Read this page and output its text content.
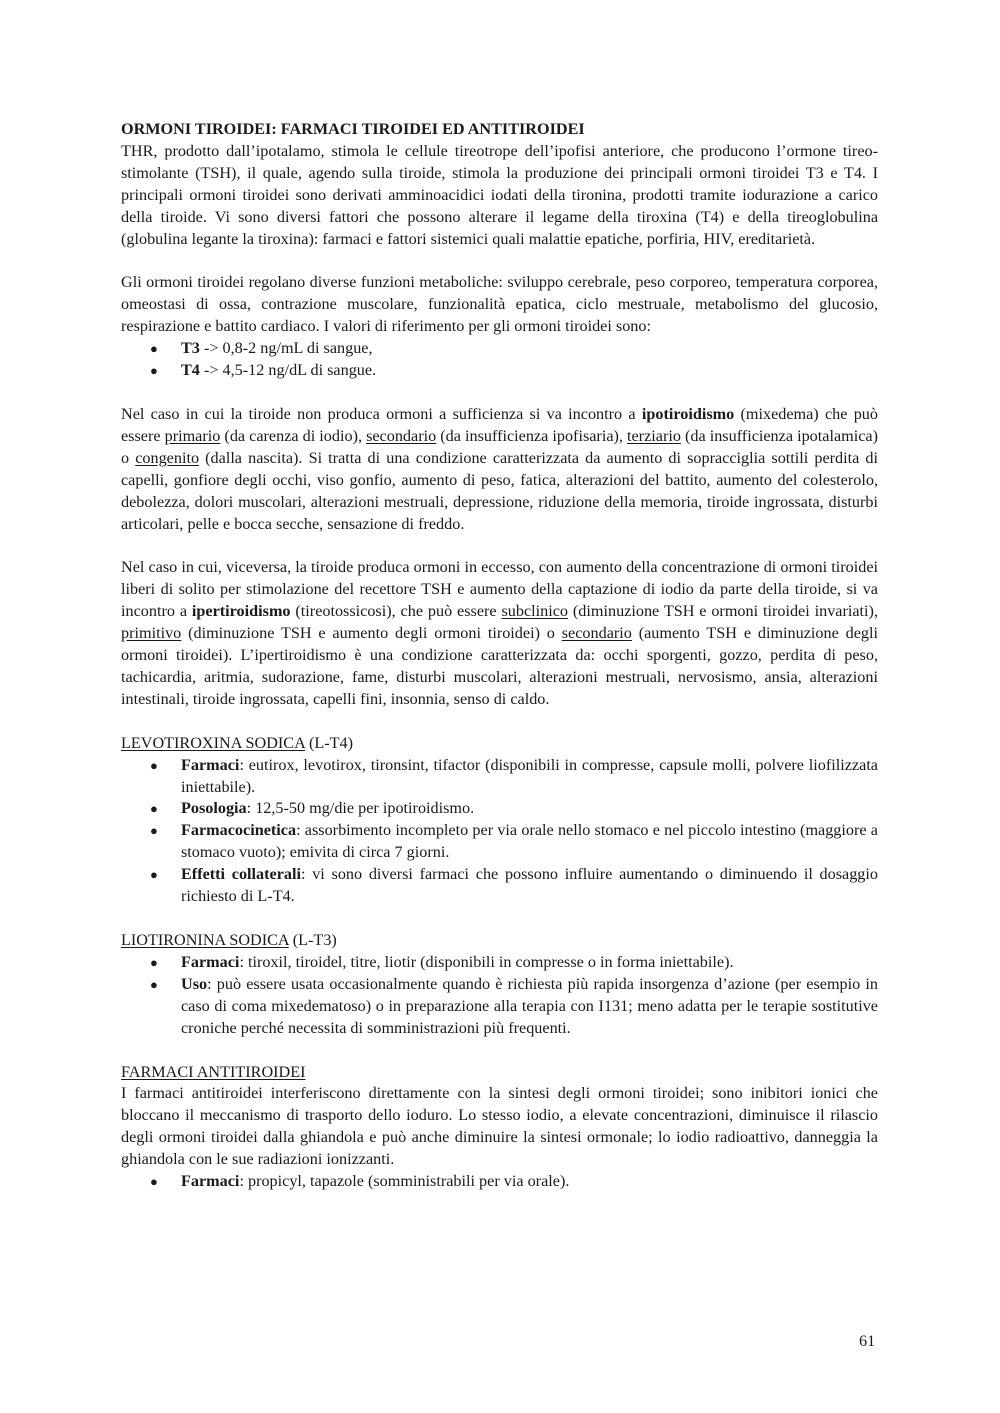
ORMONI TIROIDEI: FARMACI TIROIDEI ED ANTITIROIDEI

THR, prodotto dall’ipotalamo, stimola le cellule tireotrope dell’ipofisi anteriore, che producono l’ormone tireo-stimolante (TSH), il quale, agendo sulla tiroide, stimola la produzione dei principali ormoni tiroidei T3 e T4. I principali ormoni tiroidei sono derivati amminoacidici iodati della tironina, prodotti tramite iodurazione a carico della tiroide. Vi sono diversi fattori che possono alterare il legame della tiroxina (T4) e della tireoglobulina (globulina legante la tiroxina): farmaci e fattori sistemici quali malattie epatiche, porfiria, HIV, ereditarietà.

Gli ormoni tiroidei regolano diverse funzioni metaboliche: sviluppo cerebrale, peso corporeo, temperatura corporea, omeostasi di ossa, contrazione muscolare, funzionalità epatica, ciclo mestruale, metabolismo del glucosio, respirazione e battito cardiaco. I valori di riferimento per gli ormoni tiroidei sono:

● T3 -> 0,8-2 ng/mL di sangue,
● T4 -> 4,5-12 ng/dL di sangue.

Nel caso in cui la tiroide non produca ormoni a sufficienza si va incontro a ipotiroidismo (mixedema) che può essere primario (da carenza di iodio), secondario (da insufficienza ipofisaria), terziario (da insufficienza ipotalamica) o congenito (dalla nascita). Si tratta di una condizione caratterizzata da aumento di sopracciglia sottili perdita di capelli, gonfiore degli occhi, viso gonfio, aumento di peso, fatica, alterazioni del battito, aumento del colesterolo, debolezza, dolori muscolari, alterazioni mestruali, depressione, riduzione della memoria, tiroide ingrossata, disturbi articolari, pelle e bocca secche, sensazione di freddo.

Nel caso in cui, viceversa, la tiroide produca ormoni in eccesso, con aumento della concentrazione di ormoni tiroidei liberi di solito per stimolazione del recettore TSH e aumento della captazione di iodio da parte della tiroide, si va incontro a ipertiroidismo (tireotossicosi), che può essere subclinico (diminuzione TSH e ormoni tiroidei invariati), primitivo (diminuzione TSH e aumento degli ormoni tiroidei) o secondario (aumento TSH e diminuzione degli ormoni tiroidei). L’ipertiroidismo è una condizione caratterizzata da: occhi sporgenti, gozzo, perdita di peso, tachicardia, aritmia, sudorazione, fame, disturbi muscolari, alterazioni mestruali, nervosismo, ansia, alterazioni intestinali, tiroide ingrossata, capelli fini, insonnia, senso di caldo.

LEVOTIROXINA SODICA (L-T4)

● Farmaci: eutirox, levotirox, tironsint, tifactor (disponibili in compresse, capsule molli, polvere liofilizzata iniettabile).
● Posologia: 12,5-50 mg/die per ipotiroidismo.
● Farmacocinetica: assorbimento incompleto per via orale nello stomaco e nel piccolo intestino (maggiore a stomaco vuoto); emivita di circa 7 giorni.
● Effetti collaterali: vi sono diversi farmaci che possono influire aumentando o diminuendo il dosaggio richiesto di L-T4.

LIOTIRONINA SODICA (L-T3)

● Farmaci: tiroxil, tiroidel, titre, liotir (disponibili in compresse o in forma iniettabile).
● Uso: può essere usata occasionalmente quando è richiesta più rapida insorgenza d’azione (per esempio in caso di coma mixedematoso) o in preparazione alla terapia con I131; meno adatta per le terapie sostitutive croniche perché necessita di somministrazioni più frequenti.

FARMACI ANTITIROIDEI

I farmaci antitiroidei interferiscono direttamente con la sintesi degli ormoni tiroidei; sono inibitori ionici che bloccano il meccanismo di trasporto dello ioduro. Lo stesso iodio, a elevate concentrazioni, diminuisce il rilascio degli ormoni tiroidei dalla ghiandola e può anche diminuire la sintesi ormonale; lo iodio radioattivo, danneggia la ghiandola con le sue radiazioni ionizzanti.

● Farmaci: propicyl, tapazole (somministrabili per via orale).
61
